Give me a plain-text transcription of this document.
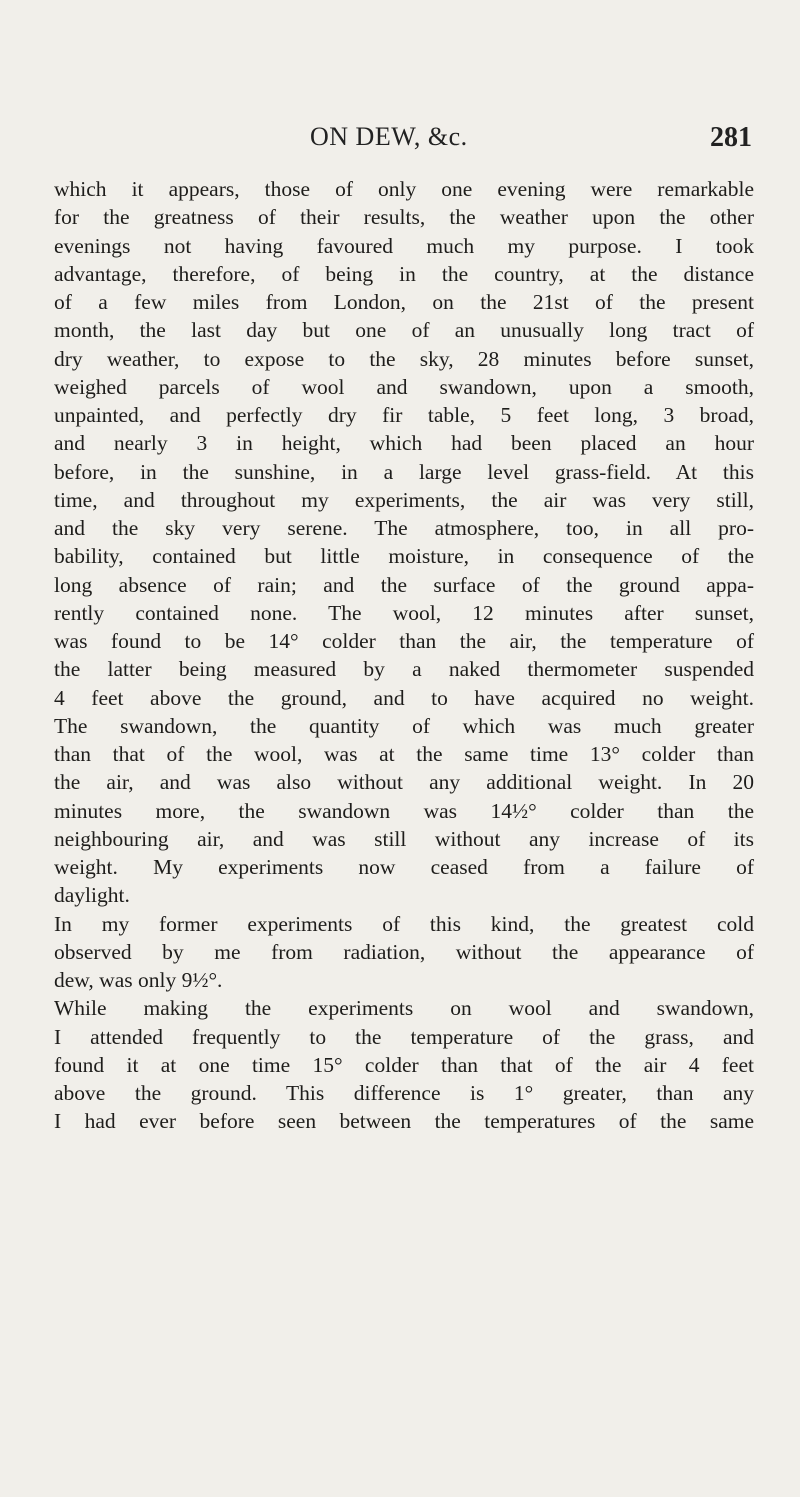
ON DEW, &c.	281
which it appears, those of only one evening were remarkable
for the greatness of their results, the weather upon the other
evenings not having favoured much my purpose. I took
advantage, therefore, of being in the country, at the distance
of a few miles from London, on the 21st of the present
month, the last day but one of an unusually long tract of
dry weather, to expose to the sky, 28 minutes before sunset,
weighed parcels of wool and swandown, upon a smooth,
unpainted, and perfectly dry fir table, 5 feet long, 3 broad,
and nearly 3 in height, which had been placed an hour
before, in the sunshine, in a large level grass-field. At this
time, and throughout my experiments, the air was very still,
and the sky very serene. The atmosphere, too, in all pro-
bability, contained but little moisture, in consequence of the
long absence of rain; and the surface of the ground appa-
rently contained none. The wool, 12 minutes after sunset,
was found to be 14° colder than the air, the temperature of
the latter being measured by a naked thermometer suspended
4 feet above the ground, and to have acquired no weight.
The swandown, the quantity of which was much greater
than that of the wool, was at the same time 13° colder than
the air, and was also without any additional weight. In 20
minutes more, the swandown was 14½° colder than the
neighbouring air, and was still without any increase of its
weight. My experiments now ceased from a failure of
daylight.
In my former experiments of this kind, the greatest cold
observed by me from radiation, without the appearance of
dew, was only 9½°.
While making the experiments on wool and swandown,
I attended frequently to the temperature of the grass, and
found it at one time 15° colder than that of the air 4 feet
above the ground. This difference is 1° greater, than any
I had ever before seen between the temperatures of the same
